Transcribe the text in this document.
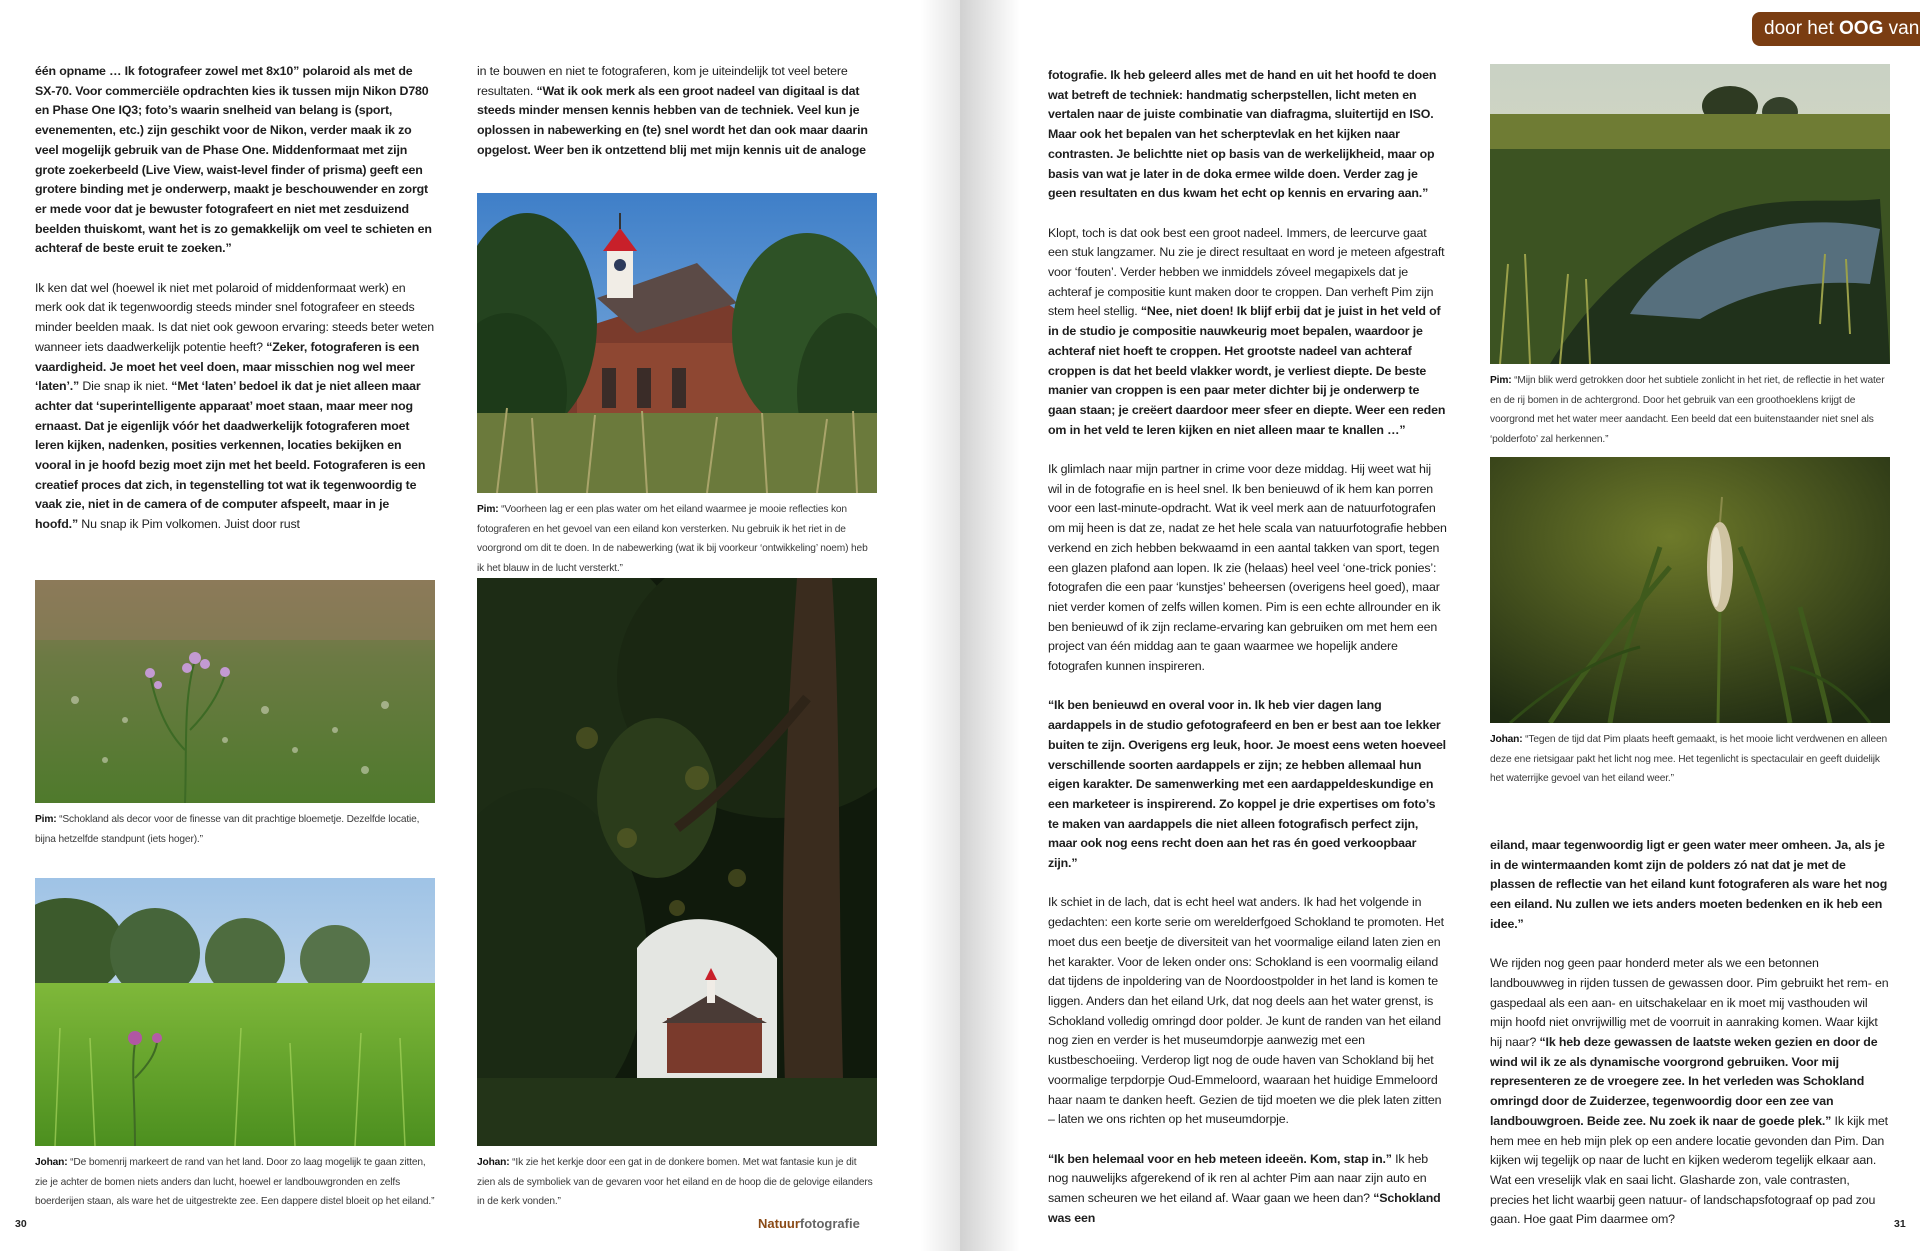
één opname … Ik fotografeer zowel met 8x10” polaroid als met de SX-70. Voor commerciële opdrachten kies ik tussen mijn Nikon D780 en Phase One IQ3; foto’s waarin snelheid van belang is (sport, evenementen, etc.) zijn geschikt voor de Nikon, verder maak ik zo veel mogelijk gebruik van de Phase One. Middenformaat met zijn grote zoekerbeeld (Live View, waist-level finder of prisma) geeft een grotere binding met je onderwerp, maakt je beschouwender en zorgt er mede voor dat je bewuster fotografeert en niet met zesduizend beelden thuiskomt, want het is zo gemakkelijk om veel te schieten en achteraf de beste eruit te zoeken.”

Ik ken dat wel (hoewel ik niet met polaroid of middenformaat werk) en merk ook dat ik tegenwoordig steeds minder snel fotografeer en steeds minder beelden maak. Is dat niet ook gewoon ervaring: steeds beter weten wanneer iets daadwerkelijk potentie heeft? “Zeker, fotograferen is een vaardigheid. Je moet het veel doen, maar misschien nog wel meer ‘laten’.” Die snap ik niet. “Met ‘laten’ bedoel ik dat je niet alleen maar achter dat ‘superintelligente apparaat’ moet staan, maar meer nog ernaast. Dat je eigenlijk vóór het daadwerkelijk fotograferen moet leren kijken, nadenken, posities verkennen, locaties bekijken en vooral in je hoofd bezig moet zijn met het beeld. Fotograferen is een creatief proces dat zich, in tegenstelling tot wat ik tegenwoordig te vaak zie, niet in de camera of de computer afspeelt, maar in je hoofd.” Nu snap ik Pim volkomen. Juist door rust

in te bouwen en niet te fotograferen, kom je uiteindelijk tot veel betere resultaten. “Wat ik ook merk als een groot nadeel van digitaal is dat steeds minder mensen kennis hebben van de techniek. Veel kun je oplossen in nabewerking en (te) snel wordt het dan ook maar daarin opgelost. Weer ben ik ontzettend blij met mijn kennis uit de analoge

Pim: “Voorheen lag er een plas water om het eiland waarmee je mooie reflecties kon fotograferen en het gevoel van een eiland kon versterken. Nu gebruik ik het riet in de voorgrond om dit te doen. In de nabewerking (wat ik bij voorkeur ‘ontwikkeling’ noem) heb ik het blauw in de lucht versterkt.”
Pim: “Schokland als decor voor de finesse van dit prachtige bloemetje. Dezelfde locatie, bijna hetzelfde standpunt (iets hoger).”
Johan: “De bomenrij markeert de rand van het land. Door zo laag mogelijk te gaan zitten, zie je achter de bomen niets anders dan lucht, hoewel er landbouwgronden en zelfs boerderijen staan, als ware het de uitgestrekte zee. Een dappere distel bloeit op het eiland.”
Johan: “Ik zie het kerkje door een gat in de donkere bomen. Met wat fantasie kun je dit zien als de symboliek van de gevaren voor het eiland en de hoop die de gelovige eilanders in de kerk vonden.”
30	Natuurfotografie

fotografie. Ik heb geleerd alles met de hand en uit het hoofd te doen wat betreft de techniek: handmatig scherpstellen, licht meten en vertalen naar de juiste combinatie van diafragma, sluitertijd en ISO. Maar ook het bepalen van het scherptevlak en het kijken naar contrasten. Je belichtte niet op basis van de werkelijkheid, maar op basis van wat je later in de doka ermee wilde doen. Verder zag je geen resultaten en dus kwam het echt op kennis en ervaring aan.”

Klopt, toch is dat ook best een groot nadeel. Immers, de leercurve gaat een stuk langzamer. Nu zie je direct resultaat en word je meteen afgestraft voor ‘fouten’. Verder hebben we inmiddels zóveel megapixels dat je achteraf je compositie kunt maken door te croppen. Dan verheft Pim zijn stem heel stellig. “Nee, niet doen! Ik blijf erbij dat je juist in het veld of in de studio je compositie nauwkeurig moet bepalen, waardoor je achteraf niet hoeft te croppen. Het grootste nadeel van achteraf croppen is dat het beeld vlakker wordt, je verliest diepte. De beste manier van croppen is een paar meter dichter bij je onderwerp te gaan staan; je creëert daardoor meer sfeer en diepte. Weer een reden om in het veld te leren kijken en niet alleen maar te knallen …”

Ik glimlach naar mijn partner in crime voor deze middag. Hij weet wat hij wil in de fotografie en is heel snel. Ik ben benieuwd of ik hem kan porren voor een last-minute-opdracht. Wat ik veel merk aan de natuurfotografen om mij heen is dat ze, nadat ze het hele scala van natuurfotografie hebben verkend en zich hebben bekwaamd in een aantal takken van sport, tegen een glazen plafond aan lopen. Ik zie (helaas) heel veel ‘one-trick ponies’: fotografen die een paar ‘kunstjes’ beheersen (overigens heel goed), maar niet verder komen of zelfs willen komen. Pim is een echte allrounder en ik ben benieuwd of ik zijn reclame-ervaring kan gebruiken om met hem een project van één middag aan te gaan waarmee we hopelijk andere fotografen kunnen inspireren.

“Ik ben benieuwd en overal voor in. Ik heb vier dagen lang aardappels in de studio gefotografeerd en ben er best aan toe lekker buiten te zijn. Overigens erg leuk, hoor. Je moest eens weten hoeveel verschillende soorten aardappels er zijn; ze hebben allemaal hun eigen karakter. De samenwerking met een aardappeldeskundige en een marketeer is inspirerend. Zo koppel je drie expertises om foto’s te maken van aardappels die niet alleen fotografisch perfect zijn, maar ook nog eens recht doen aan het ras én goed verkoopbaar zijn.”

Ik schiet in de lach, dat is echt heel wat anders. Ik had het volgende in gedachten: een korte serie om werelderfgoed Schokland te promoten. Het moet dus een beetje de diversiteit van het voormalige eiland laten zien en het karakter. Voor de leken onder ons: Schokland is een voormalig eiland dat tijdens de inpoldering van de Noordoostpolder in het land is komen te liggen. Anders dan het eiland Urk, dat nog deels aan het water grenst, is Schokland volledig omringd door polder. Je kunt de randen van het eiland nog zien en verder is het museumdorpje aanwezig met een kustbeschoeiing. Verderop ligt nog de oude haven van Schokland bij het voormalige terpdorpje Oud-Emmeloord, waaraan het huidige Emmeloord haar naam te danken heeft. Gezien de tijd moeten we die plek laten zitten – laten we ons richten op het museumdorpje.

“Ik ben helemaal voor en heb meteen ideeën. Kom, stap in.” Ik heb nog nauwelijks afgerekend of ik ren al achter Pim aan naar zijn auto en samen scheuren we het eiland af. Waar gaan we heen dan? “Schokland was een

Pim: “Mijn blik werd getrokken door het subtiele zonlicht in het riet, de reflectie in het water en de rij bomen in de achtergrond. Door het gebruik van een groothoeklens krijgt de voorgrond met het water meer aandacht. Een beeld dat een buitenstaander niet snel als ‘polderfoto’ zal herkennen.”
Johan: “Tegen de tijd dat Pim plaats heeft gemaakt, is het mooie licht verdwenen en alleen deze ene rietsigaar pakt het licht nog mee. Het tegenlicht is spectaculair en geeft duidelijk het waterrijke gevoel van het eiland weer.”

eiland, maar tegenwoordig ligt er geen water meer omheen. Ja, als je in de wintermaanden komt zijn de polders zó nat dat je met de plassen de reflectie van het eiland kunt fotograferen als ware het nog een eiland. Nu zullen we iets anders moeten bedenken en ik heb een idee.”

We rijden nog geen paar honderd meter als we een betonnen landbouwweg in rijden tussen de gewassen door. Pim gebruikt het rem- en gaspedaal als een aan- en uitschakelaar en ik moet mij vasthouden wil mijn hoofd niet onvrijwillig met de voorruit in aanraking komen. Waar kijkt hij naar? “Ik heb deze gewassen de laatste weken gezien en door de wind wil ik ze als dynamische voorgrond gebruiken. Voor mij representeren ze de vroegere zee. In het verleden was Schokland omringd door de Zuiderzee, tegenwoordig door een zee van landbouwgroen. Beide zee. Nu zoek ik naar de goede plek.” Ik kijk met hem mee en heb mijn plek op een andere locatie gevonden dan Pim. Dan kijken wij tegelijk op naar de lucht en kijken wederom tegelijk elkaar aan. Wat een vreselijk vlak en saai licht. Glasharde zon, vale contrasten, precies het licht waarbij geen natuur- of landschapsfotograaf op pad zou gaan. Hoe gaat Pim daarmee om?	31
door het OOG van
